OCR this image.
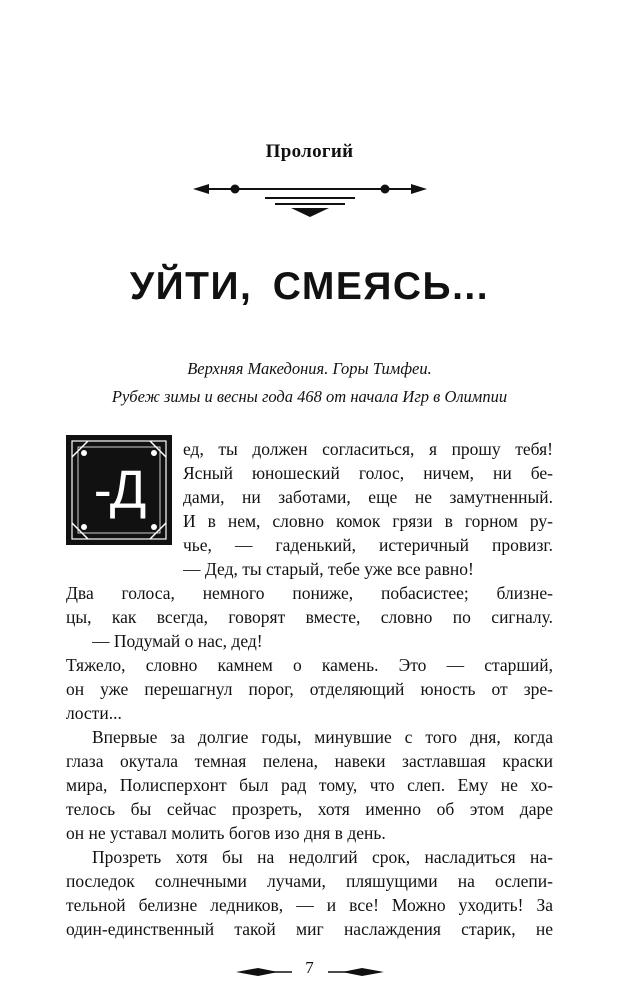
Прологий
УЙТИ, СМЕЯСЬ...
Верхняя Македония. Горы Тимфеи.
Рубеж зимы и весны года 468 от начала Игр в Олимпии
-Д
ед, ты должен согласиться, я прошу тебя!
Ясный юношеский голос, ничем, ни бе-
дами, ни заботами, еще не замутненный.
И в нем, словно комок грязи в горном ру-
чье, — гаденький, истеричный провизг.
— Дед, ты старый, тебе уже все равно!
Два голоса, немного пониже, побасистее; близне-
цы, как всегда, говорят вместе, словно по сигналу.
— Подумай о нас, дед!
Тяжело, словно камнем о камень. Это — старший,
он уже перешагнул порог, отделяющий юность от зре-
лости...
Впервые за долгие годы, минувшие с того дня, когда
глаза окутала темная пелена, навеки застлавшая краски
мира, Полисперхонт был рад тому, что слеп. Ему не хо-
телось бы сейчас прозреть, хотя именно об этом даре
он не уставал молить богов изо дня в день.
Прозреть хотя бы на недолгий срок, насладиться на-
последок солнечными лучами, пляшущими на ослепи-
тельной белизне ледников, — и все! Можно уходить! За
один-единственный такой миг наслаждения старик, не
7
